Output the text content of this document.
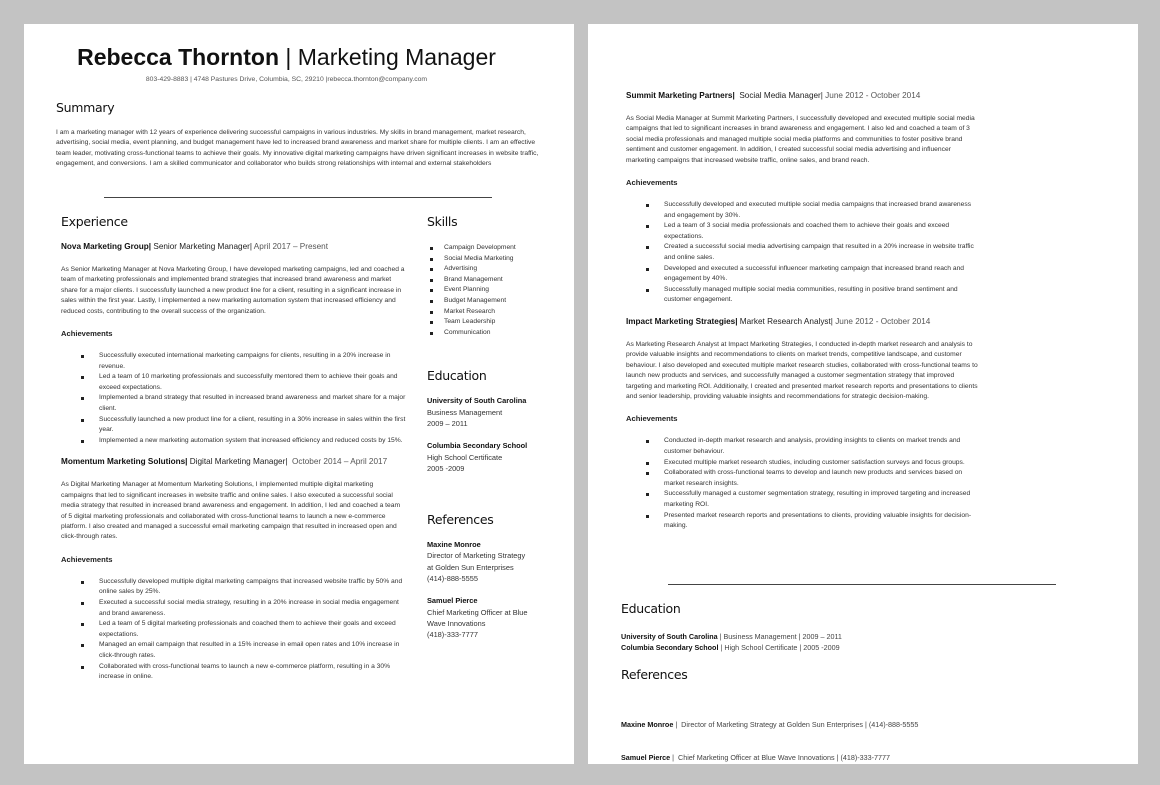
Rebecca Thornton | Marketing Manager
803-429-8883 | 4748 Pastures Drive, Columbia, SC, 29210 |rebecca.thornton@company.com
Summary

I am a marketing manager with 12 years of experience delivering successful campaigns in various industries. My skills in brand management, market research, advertising, social media, event planning, and budget management have led to increased brand awareness and market share for multiple clients. I am an effective team leader, motivating cross-functional teams to achieve their goals. My innovative digital marketing campaigns have driven significant increases in website traffic, engagement, and conversions. I am a skilled communicator and collaborator who builds strong relationships with internal and external stakeholders

Experience
Nova Marketing Group| Senior Marketing Manager| April 2017 – Present

As Senior Marketing Manager at Nova Marketing Group, I have developed marketing campaigns, led and coached a team of marketing professionals and implemented brand strategies that increased brand awareness and market share for a major clients. I successfully launched a new product line for a client, resulting in a significant increase in sales within the first year. Lastly, I implemented a new marketing automation system that increased efficiency and reduced costs, contributing to the overall success of the organization.

Achievements
Successfully executed international marketing campaigns for clients, resulting in a 20% increase in revenue.
Led a team of 10 marketing professionals and successfully mentored them to achieve their goals and exceed expectations.
Implemented a brand strategy that resulted in increased brand awareness and market share for a major client.
Successfully launched a new product line for a client, resulting in a 30% increase in sales within the first year.
Implemented a new marketing automation system that increased efficiency and reduced costs by 15%.
Momentum Marketing Solutions| Digital Marketing Manager|  October 2014 – April 2017

As Digital Marketing Manager at Momentum Marketing Solutions, I implemented multiple digital marketing campaigns that led to significant increases in website traffic and online sales. I also executed a successful social media strategy that resulted in increased brand awareness and engagement. In addition, I led and coached a team of 5 digital marketing professionals and collaborated with cross-functional teams to launch a new e-commerce platform. I also created and managed a successful email marketing campaign that resulted in increased open and click-through rates.

Achievements
Successfully developed multiple digital marketing campaigns that increased website traffic by 50% and online sales by 25%.
Executed a successful social media strategy, resulting in a 20% increase in social media engagement and brand awareness.
Led a team of 5 digital marketing professionals and coached them to achieve their goals and exceed expectations.
Managed an email campaign that resulted in a 15% increase in email open rates and 10% increase in click-through rates.
Collaborated with cross-functional teams to launch a new e-commerce platform, resulting in a 30% increase in online.
Skills
Campaign Development
Social Media Marketing
Advertising
Brand Management
Event Planning
Budget Management
Market Research
Team Leadership
Communication
Education
University of South Carolina
Business Management
2009 – 2011
Columbia Secondary School
High School Certificate
2005 -2009
References
Maxine Monroe
Director of Marketing Strategy at Golden Sun Enterprises
(414)-888-5555
Samuel Pierce
Chief Marketing Officer at Blue Wave Innovations
(418)-333-7777
Summit Marketing Partners|  Social Media Manager| June 2012 - October 2014

As Social Media Manager at Summit Marketing Partners, I successfully developed and executed multiple social media campaigns that led to significant increases in brand awareness and engagement. I also led and coached a team of 3 social media professionals and managed multiple social media platforms and communities to foster positive brand sentiment and customer engagement. In addition, I created successful social media advertising and influencer marketing campaigns that increased website traffic, online sales, and brand reach.

Achievements
Successfully developed and executed multiple social media campaigns that increased brand awareness and engagement by 30%.
Led a team of 3 social media professionals and coached them to achieve their goals and exceed expectations.
Created a successful social media advertising campaign that resulted in a 20% increase in website traffic and online sales.
Developed and executed a successful influencer marketing campaign that increased brand reach and engagement by 40%.
Successfully managed multiple social media communities, resulting in positive brand sentiment and customer engagement.
Impact Marketing Strategies| Market Research Analyst| June 2012 - October 2014

As Marketing Research Analyst at Impact Marketing Strategies, I conducted in-depth market research and analysis to provide valuable insights and recommendations to clients on market trends, competitive landscape, and customer behaviour. I also developed and executed multiple market research studies, collaborated with cross-functional teams to launch new products and services, and successfully managed a customer segmentation strategy that improved targeting and marketing ROI. Additionally, I created and presented market research reports and presentations to clients and senior leadership, providing valuable insights and recommendations for strategic decision-making.

Achievements
Conducted in-depth market research and analysis, providing insights to clients on market trends and customer behaviour.
Executed multiple market research studies, including customer satisfaction surveys and focus groups.
Collaborated with cross-functional teams to develop and launch new products and services based on market research insights.
Successfully managed a customer segmentation strategy, resulting in improved targeting and increased marketing ROI.
Presented market research reports and presentations to clients, providing valuable insights for decision-making.
Education
University of South Carolina | Business Management | 2009 – 2011
Columbia Secondary School | High School Certificate | 2005 -2009
References

Maxine Monroe |  Director of Marketing Strategy at Golden Sun Enterprises | (414)-888-5555

Samuel Pierce |  Chief Marketing Officer at Blue Wave Innovations | (418)-333-7777
